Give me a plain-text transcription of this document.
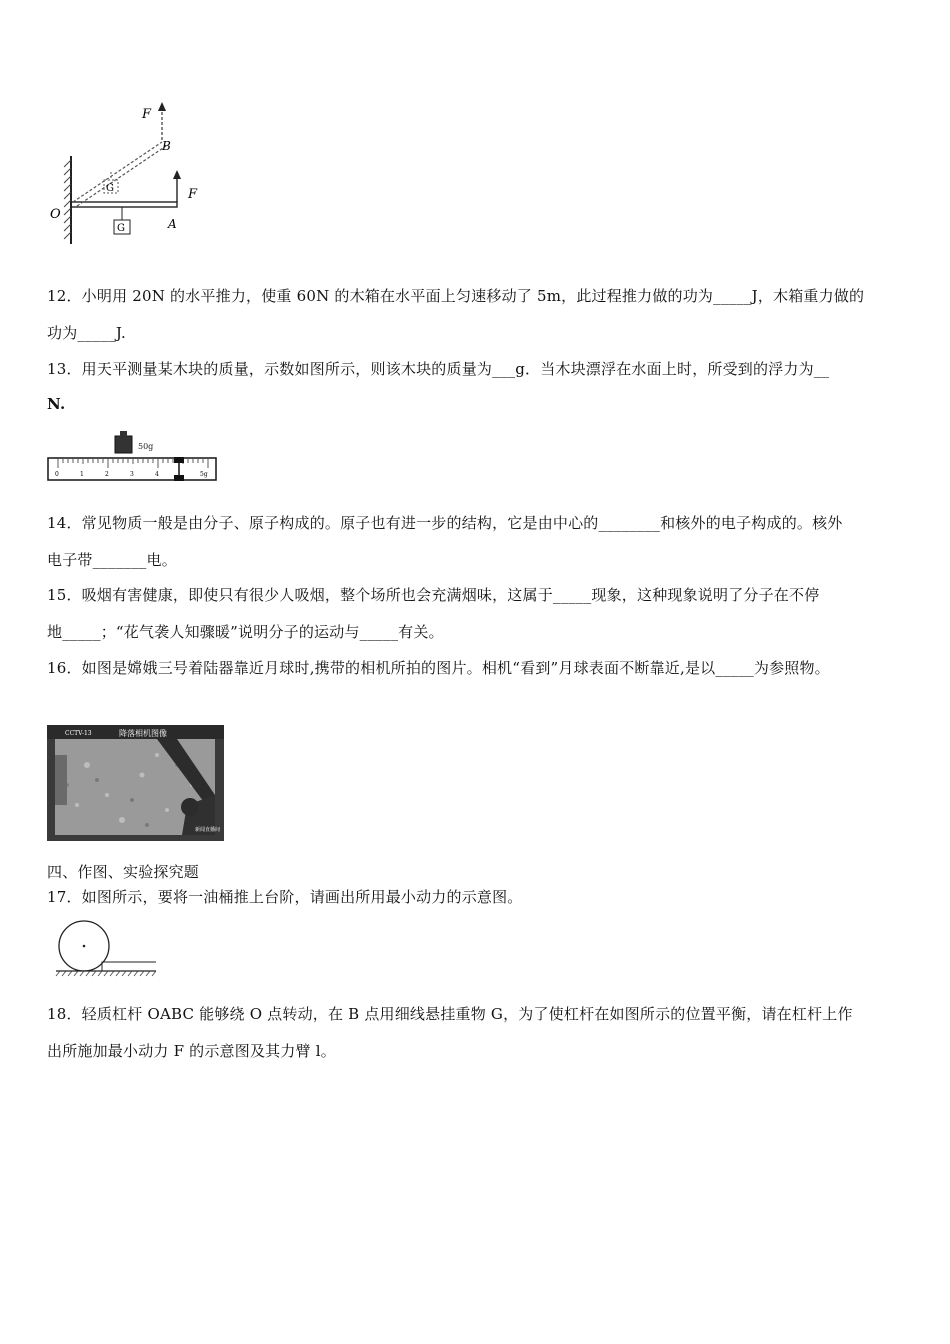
F
B
F
O
A
G
G
12．小明用 20N 的水平推力，使重 60N 的木箱在水平面上匀速移动了 5m，此过程推力做的功为_____J，木箱重力做的
功为_____J.
13．用天平测量某木块的质量，示数如图所示，则该木块的质量为___g．当木块漂浮在水面上时，所受到的浮力为__
N.
50g
0	1	2	3	4	5g
14．常见物质一般是由分子、原子构成的。原子也有进一步的结构，它是由中心的________和核外的电子构成的。核外
电子带_______电。
15．吸烟有害健康，即使只有很少人吸烟，整个场所也会充满烟味，这属于_____现象，这种现象说明了分子在不停
地_____；“花气袭人知骤暖”说明分子的运动与_____有关。
16．如图是嫦娥三号着陆器靠近月球时,携带的相机所拍的图片。相机“看到”月球表面不断靠近,是以_____为参照物。
CCTV-13	降落相机图像
新闻直播间
四、作图、实验探究题
17．如图所示，要将一油桶推上台阶，请画出所用最小动力的示意图。
18．轻质杠杆 OABC 能够绕 O 点转动，在 B 点用细线悬挂重物 G，为了使杠杆在如图所示的位置平衡，请在杠杆上作
出所施加最小动力 F 的示意图及其力臂 l。
